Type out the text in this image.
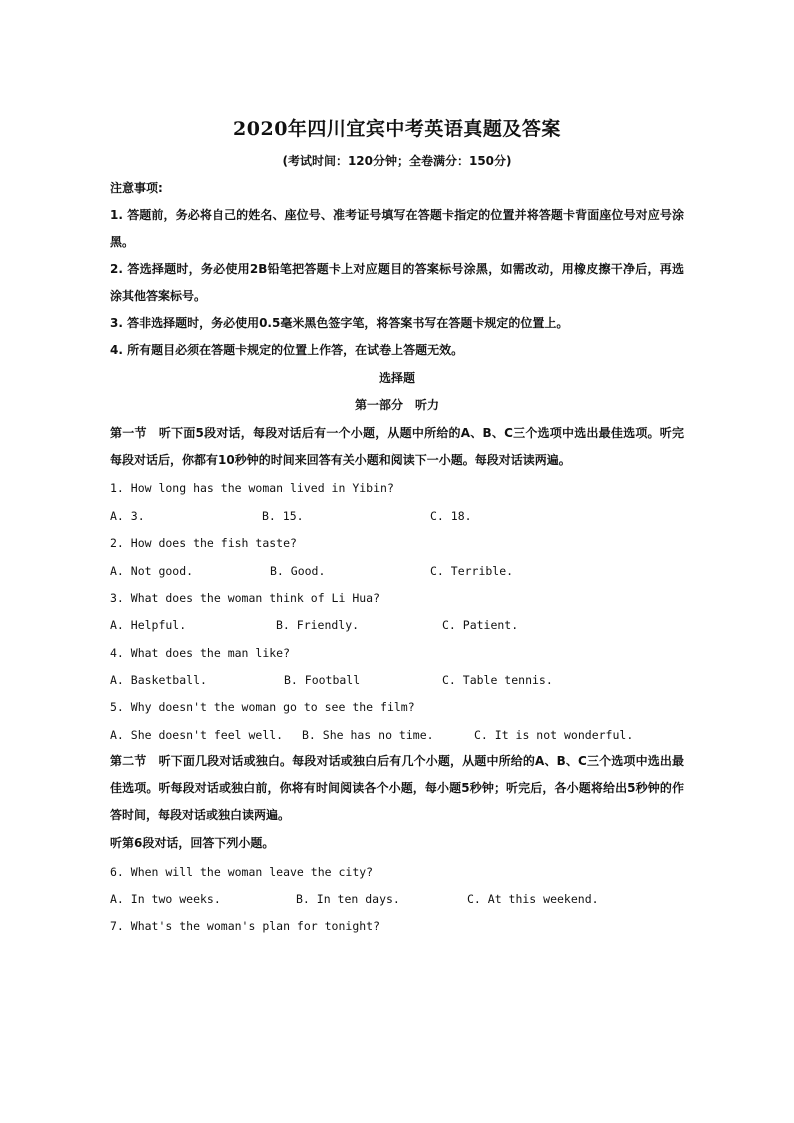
2020年四川宜宾中考英语真题及答案
(考试时间：120分钟；全卷满分：150分)
注意事项:
1. 答题前，务必将自己的姓名、座位号、准考证号填写在答题卡指定的位置并将答题卡背面座位号对应号涂黑。
2. 答选择题时，务必使用2B铅笔把答题卡上对应题目的答案标号涂黑，如需改动，用橡皮擦干净后，再选涂其他答案标号。
3. 答非选择题时，务必使用0.5毫米黑色签字笔，将答案书写在答题卡规定的位置上。
4. 所有题目必须在答题卡规定的位置上作答，在试卷上答题无效。
选择题
第一部分　听力
第一节　听下面5段对话，每段对话后有一个小题，从题中所给的A、B、C三个选项中选出最佳选项。听完每段对话后，你都有10秒钟的时间来回答有关小题和阅读下一小题。每段对话读两遍。
1. How long has the woman lived in Yibin?
A. 3.	B. 15.	C. 18.
2. How does the fish taste?
A. Not good.	B. Good.	C. Terrible.
3. What does the woman think of Li Hua?
A. Helpful.	B. Friendly.	C. Patient.
4. What does the man like?
A. Basketball.	B. Football	C. Table tennis.
5. Why doesn't the woman go to see the film?
A. She doesn't feel well. B. She has no time.	C. It is not wonderful.
第二节　听下面几段对话或独白。每段对话或独白后有几个小题，从题中所给的A、B、C三个选项中选出最佳选项。听每段对话或独白前，你将有时间阅读各个小题，每小题5秒钟；听完后，各小题将给出5秒钟的作答时间，每段对话或独白读两遍。
听第6段对话，回答下列小题。
6. When will the woman leave the city?
A. In two weeks.	B. In ten days.	C. At this weekend.
7. What's the woman's plan for tonight?
